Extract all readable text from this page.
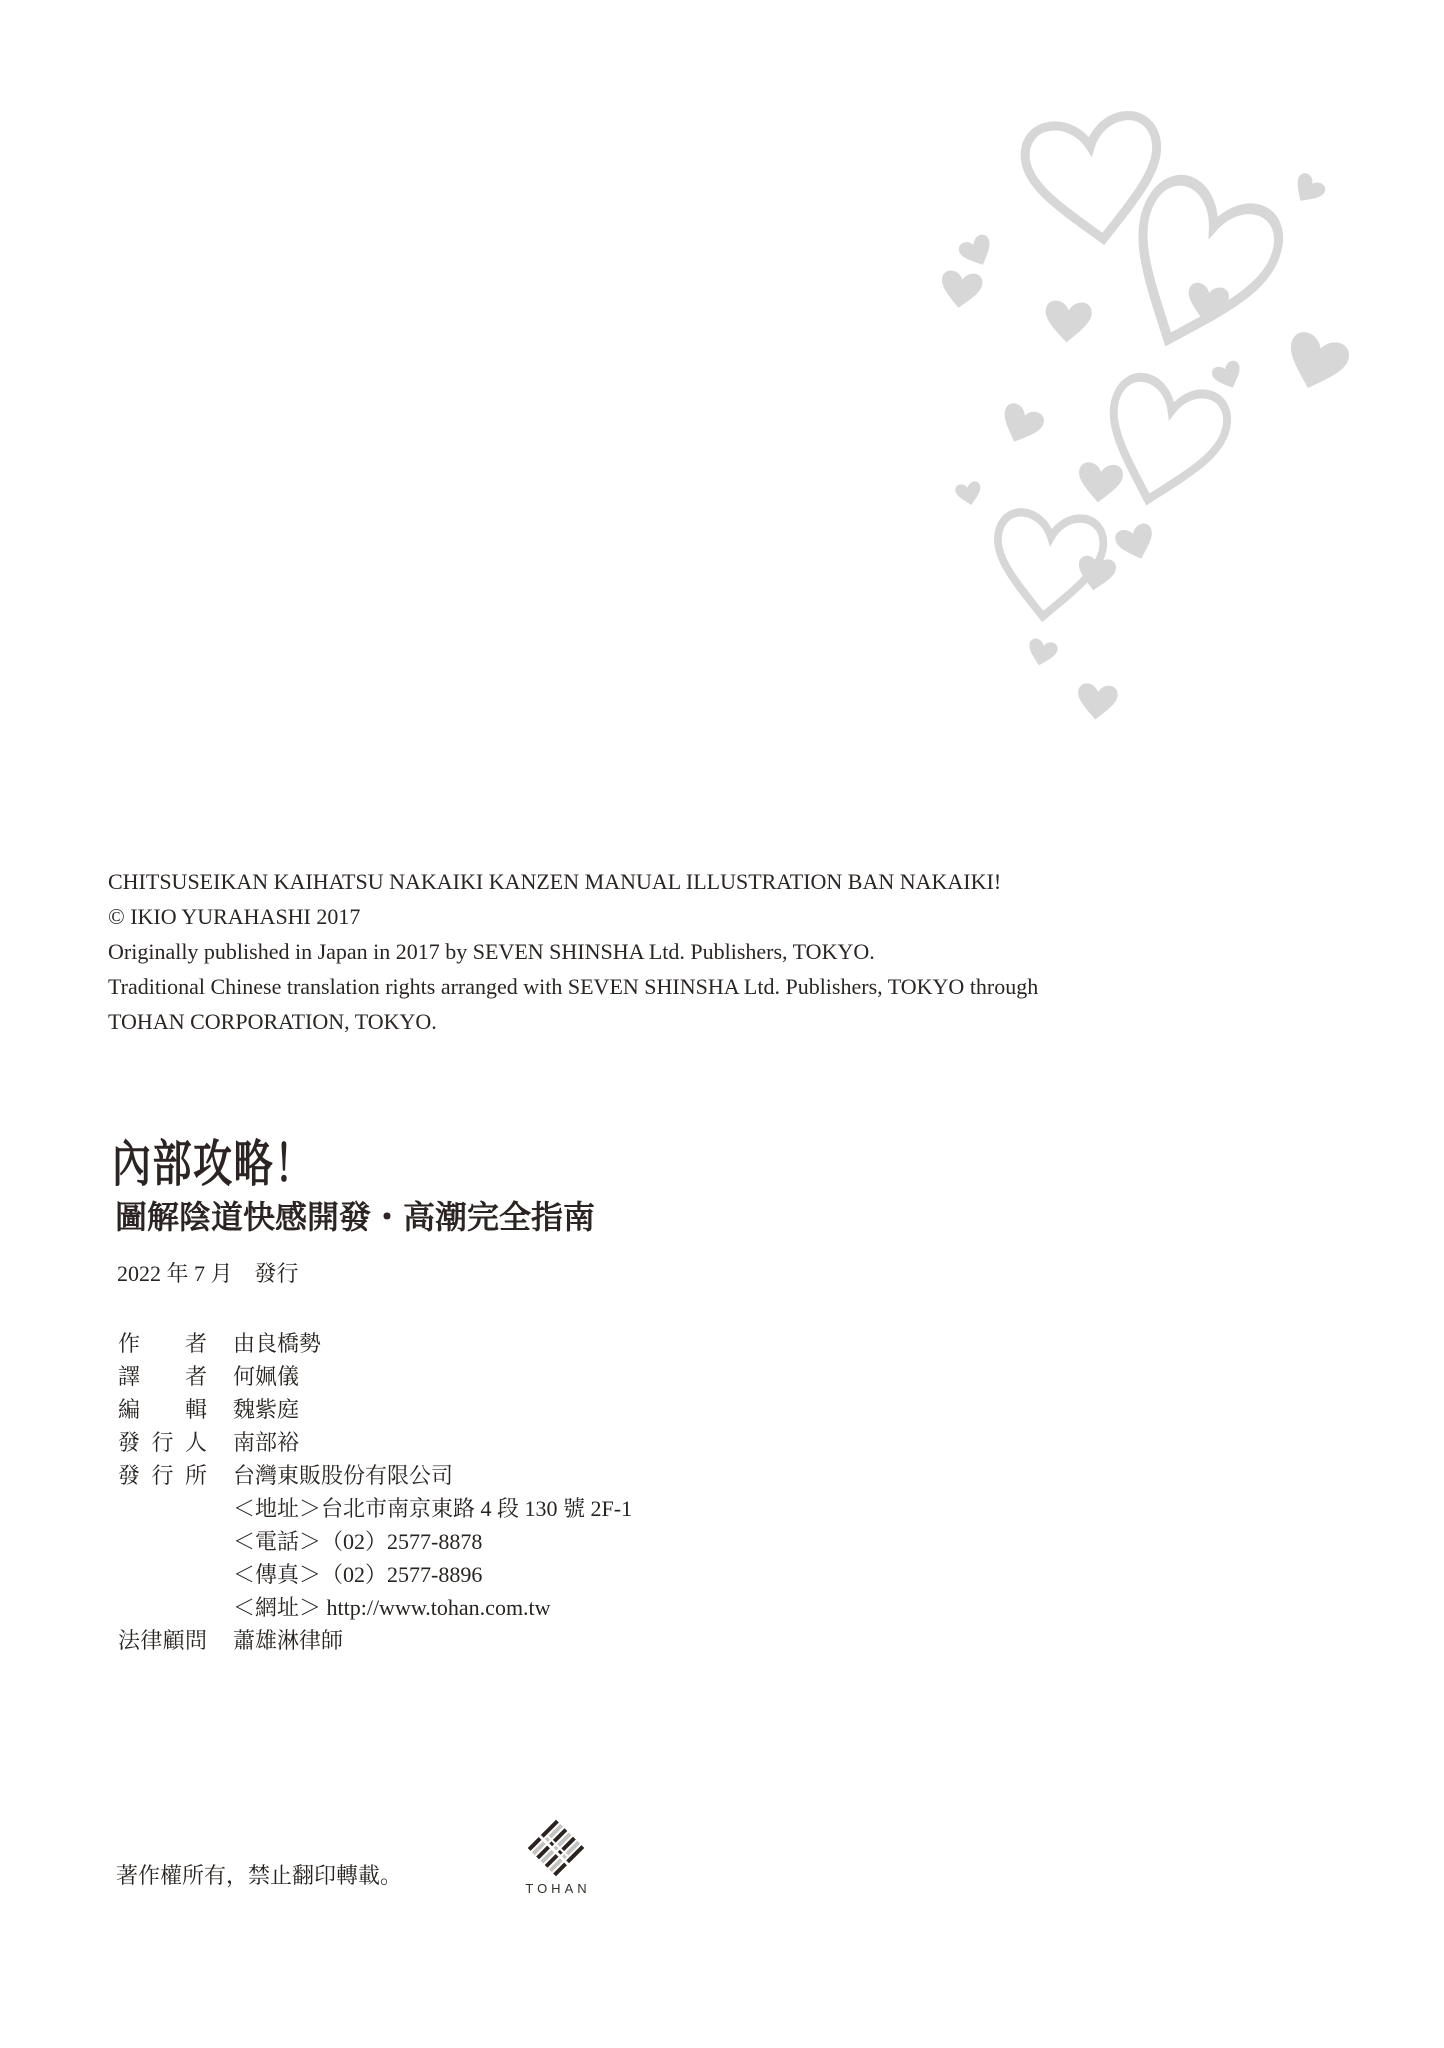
CHITSUSEIKAN KAIHATSU NAKAIKI KANZEN MANUAL ILLUSTRATION BAN NAKAIKI!
© IKIO YURAHASHI 2017
Originally published in Japan in 2017 by SEVEN SHINSHA Ltd. Publishers, TOKYO.
Traditional Chinese translation rights arranged with SEVEN SHINSHA Ltd. Publishers, TOKYO through
TOHAN CORPORATION, TOKYO.
內部攻略！
圖解陰道快感開發・高潮完全指南
2022 年 7 月　發行
作者 由良橋勢
譯者 何姵儀
編輯 魏紫庭
發行人 南部裕
發行所 台灣東販股份有限公司
＜地址＞台北市南京東路 4 段 130 號 2F-1
＜電話＞（02）2577-8878
＜傳真＞（02）2577-8896
＜網址＞ http://www.tohan.com.tw
法律顧問 蕭雄淋律師
著作權所有，禁止翻印轉載。
TOHAN
